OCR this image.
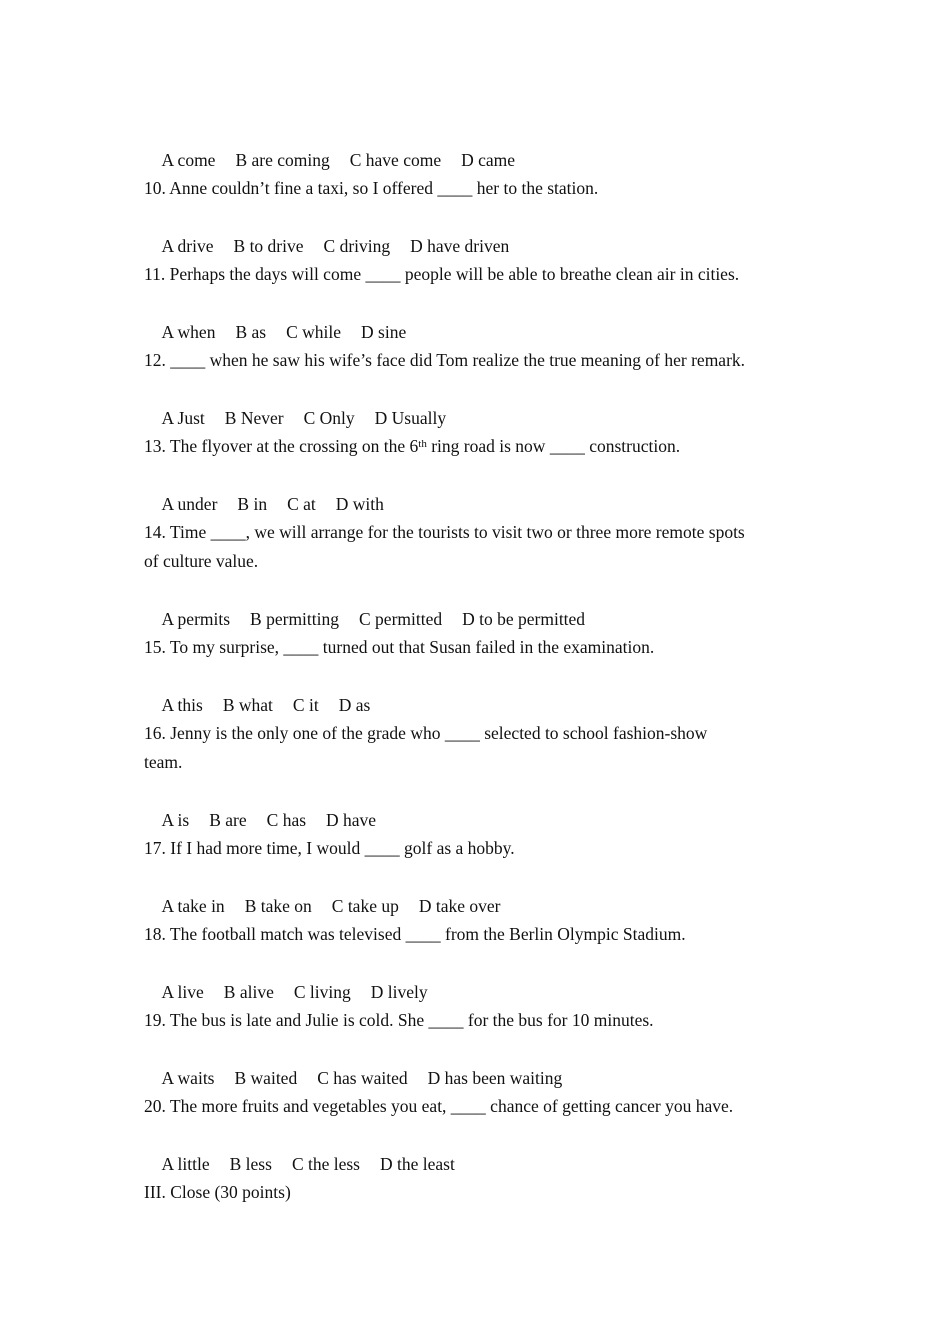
A come B are coming C have come D came

10. Anne couldn’t fine a taxi, so I offered ____ her to the station.

A drive B to drive C driving D have driven

11. Perhaps the days will come ____ people will be able to breathe clean air in cities.

A when B as C while D sine

12. ____ when he saw his wife’s face did Tom realize the true meaning of her remark.

A Just B Never C Only D Usually

13. The flyover at the crossing on the 6th ring road is now ____ construction.

A under B in C at D with

14. Time ____, we will arrange for the tourists to visit two or three more remote spots
of culture value.

A permits B permitting C permitted D to be permitted

15. To my surprise, ____ turned out that Susan failed in the examination.

A this B what C it D as

16. Jenny is the only one of the grade who ____ selected to school fashion-show
team.

A is B are C has D have

17. If I had more time, I would ____ golf as a hobby.

A take in B take on C take up D take over

18. The football match was televised ____ from the Berlin Olympic Stadium.

A live B alive C living D lively

19. The bus is late and Julie is cold. She ____ for the bus for 10 minutes.

A waits B waited C has waited D has been waiting

20. The more fruits and vegetables you eat, ____ chance of getting cancer you have.

A little B less C the less D the least

III. Close (30 points)
